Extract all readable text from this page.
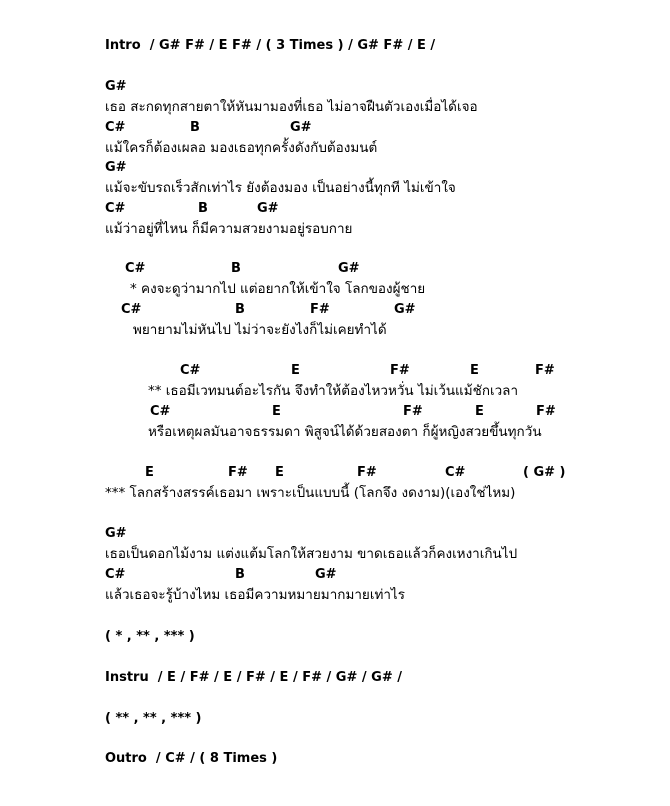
Intro  / G# F# / E F# / ( 3 Times ) / G# F# / E /
G#
เธอ สะกดทุกสายตาให้หันมามองที่เธอ ไม่อาจฝืนตัวเองเมื่อได้เจอ
C#	B	G#
แม้ใครก็ต้องเผลอ มองเธอทุกครั้งดังกับต้องมนต์
G#
แม้จะขับรถเร็วสักเท่าไร ยังต้องมอง เป็นอย่างนี้ทุกที ไม่เข้าใจ
C#	B	G#
แม้ว่าอยู่ที่ไหน ก็มีความสวยงามอยู่รอบกาย
C#	B	G#
* คงจะดูว่ามากไป แต่อยากให้เข้าใจ โลกของผู้ชาย
C#	B	F#	G#
พยายามไม่หันไป ไม่ว่าจะยังไงก็ไม่เคยทำได้
C#	E	F#	E	F#
** เธอมีเวทมนต์อะไรกัน จึงทำให้ต้องไหวหวั่น ไม่เว้นแม้ชักเวลา
C#	E	F#	E	F#
หรือเหตุผลมันอาจธรรมดา พิสูจน์ได้ด้วยสองตา ก็ผู้หญิงสวยขึ้นทุกวัน
E	F# E	F#	C#	( G# )
*** โลกสร้างสรรค์เธอมา เพราะเป็นแบบนี้ (โลกจึง งดงาม)(เองใช่ไหม)
G#
เธอเป็นดอกไม้งาม แต่งแต้มโลกให้สวยงาม ขาดเธอแล้วก็คงเหงาเกินไป
C#	B	G#
แล้วเธอจะรู้บ้างไหม เธอมีความหมายมากมายเท่าไร
( * , ** , *** )
Instru  / E / F# / E / F# / E / F# / G# / G# /
( ** , ** , *** )
Outro  / C# / ( 8 Times )
